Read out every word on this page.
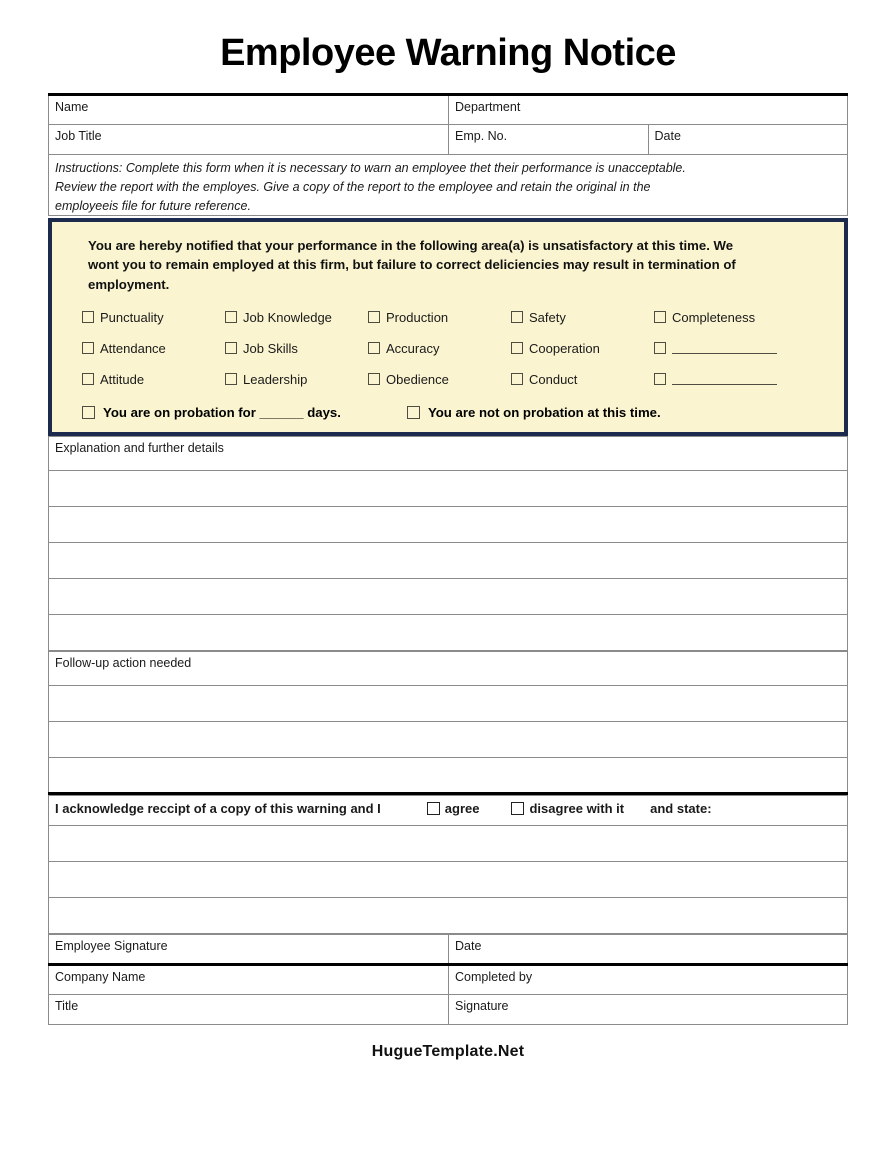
Employee Warning Notice
Name	Department	
Job Title	Emp. No.	Date

Instructions: Complete this form when it is necessary to warn an employee thet their performance is unacceptable.
Review the report with the employes. Give a copy of the report to the employee and retain the original in the
employeeis file for future reference.		
You are hereby notified that your performance in the following area(a) is unsatisfactory at this time. We
wont you to remain employed at this firm, but failure to correct deliciencies may result in termination of
employment.
Punctuality	Job Knowledge	Production	Safety	Completeness
Attendance	Job Skills	Accuracy	Cooperation
Attitude	Leadership	Obedience	Conduct
You are on probation for ______ days.	You are not on probation at this time.
Explanation and further details

Follow-up action needed

I acknowledge reccipt of a copy of this warning and I	agree	disagree with it and state:

Employee Signature	Date
Company Name	Completed by
Title	Signature
HugueTemplate.Net
